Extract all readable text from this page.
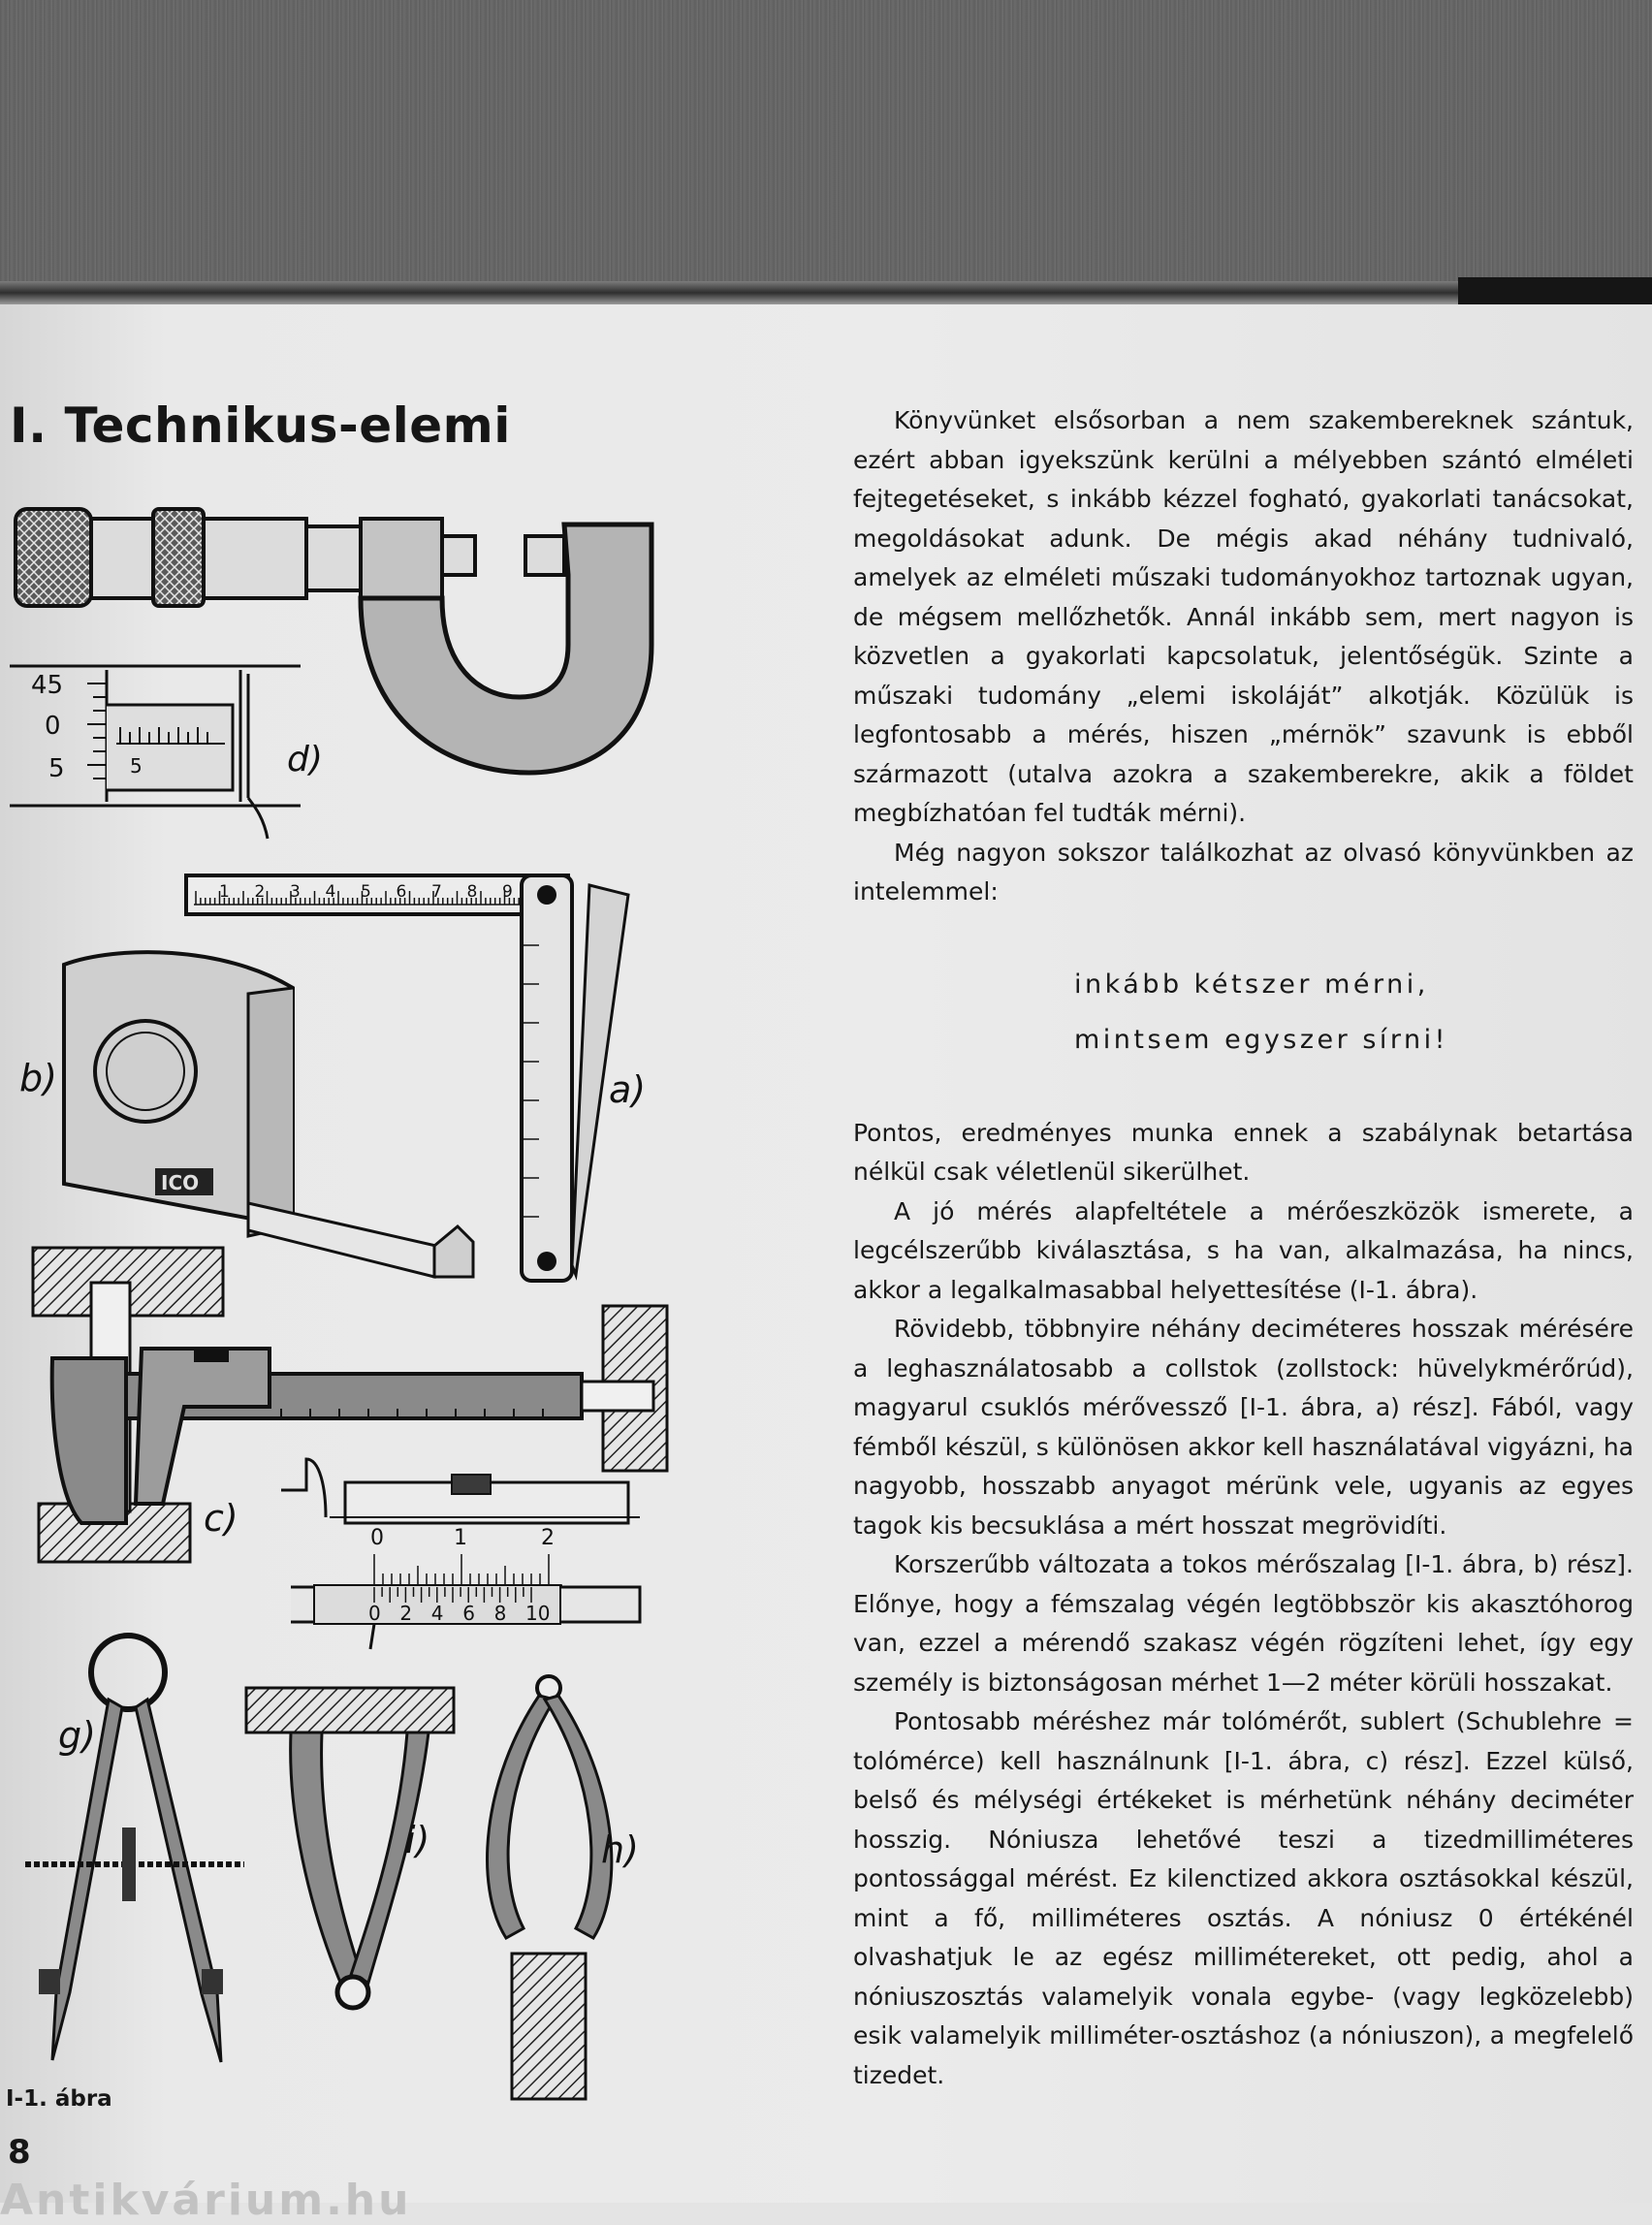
I. Technikus-elemi
45
0
5	5	d)
1 2 3 4 5 6 7 8 9
a)
ICO
b)
c)	0	1	2
0 2 4 6 8 10
g)
i)	h)
I-1. ábra
8
Antikvárium.hu

Könyvünket elsősorban a nem szakembereknek szántuk, ezért abban igyekszünk kerülni a mélyebben szántó elméleti fejtegetéseket, s inkább kézzel fogható, gyakorlati tanácsokat, megoldásokat adunk. De mégis akad néhány tudnivaló, amelyek az elméleti műszaki tudományokhoz tartoznak ugyan, de mégsem mellőzhetők. Annál inkább sem, mert nagyon is közvetlen a gyakorlati kapcsolatuk, jelentőségük. Szinte a műszaki tudomány „elemi iskoláját” alkotják. Közülük is legfontosabb a mérés, hiszen „mérnök” szavunk is ebből származott (utalva azokra a szakemberekre, akik a földet megbízhatóan fel tudták mérni).

Még nagyon sokszor találkozhat az olvasó könyvünkben az intelemmel:

inkább kétszer mérni,
mintsem egyszer sírni!

Pontos, eredményes munka ennek a szabálynak betartása nélkül csak véletlenül sikerülhet.

A jó mérés alapfeltétele a mérőeszközök ismerete, a legcélszerűbb kiválasztása, s ha van, alkalmazása, ha nincs, akkor a legalkalmasabbal helyettesítése (I-1. ábra).

Rövidebb, többnyire néhány deciméteres hosszak mérésére a leghasználatosabb a collstok (zollstock: hüvelykmérőrúd), magyarul csuklós mérővessző [I-1. ábra, a) rész]. Fából, vagy fémből készül, s különösen akkor kell használatával vigyázni, ha nagyobb, hosszabb anyagot mérünk vele, ugyanis az egyes tagok kis becsuklása a mért hosszat megrövidíti.

Korszerűbb változata a tokos mérőszalag [I-1. ábra, b) rész]. Előnye, hogy a fémszalag végén legtöbbször kis akasztóhorog van, ezzel a mérendő szakasz végén rögzíteni lehet, így egy személy is biztonságosan mérhet 1—2 méter körüli hosszakat.

Pontosabb méréshez már tolómérőt, sublert (Schublehre = tolómérce) kell használnunk [I-1. ábra, c) rész]. Ezzel külső, belső és mélységi értékeket is mérhetünk néhány deciméter hosszig. Nóniusza lehetővé teszi a tizedmilliméteres pontossággal mérést. Ez kilenctized akkora osztásokkal készül, mint a fő, milliméteres osztás. A nóniusz 0 értékénél olvashatjuk le az egész millimétereket, ott pedig, ahol a nóniuszosztás valamelyik vonala egybe- (vagy legközelebb) esik valamelyik milliméter-osztáshoz (a nóniuszon), a megfelelő tizedet.
